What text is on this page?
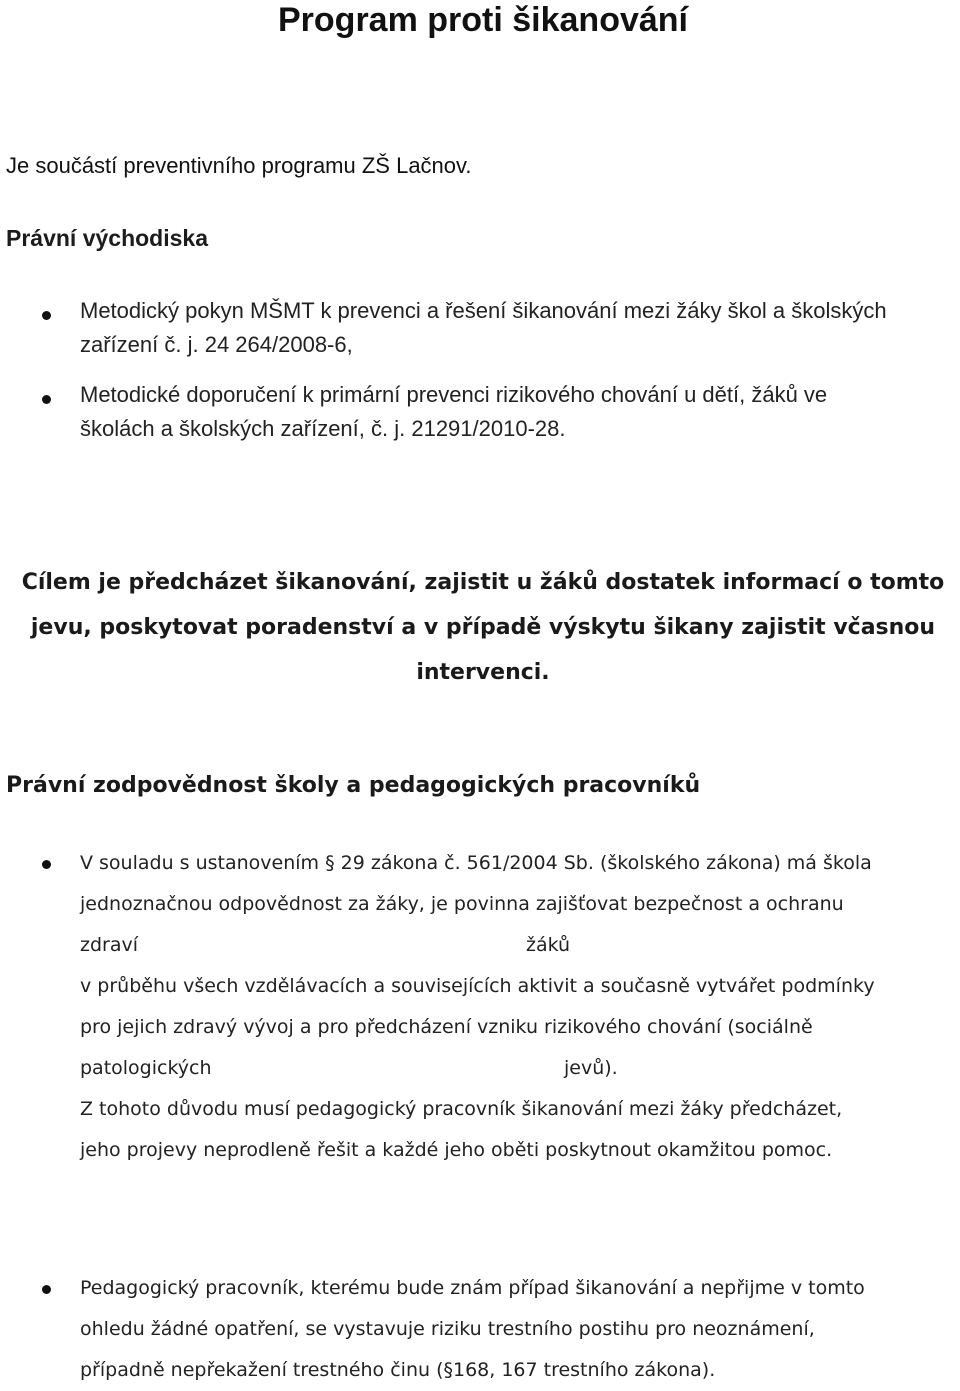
Program proti šikanování

Je součástí preventivního programu ZŠ Lačnov.

Právní východiska
Metodický pokyn MŠMT k prevenci a řešení šikanování mezi žáky škol a školských
zařízení č. j. 24 264/2008-6,
Metodické doporučení k primární prevenci rizikového chování u dětí, žáků ve
školách a školských zařízení, č. j. 21291/2010-28.
Cílem je předcházet šikanování, zajistit u žáků dostatek informací o tomto
jevu, poskytovat poradenství a v případě výskytu šikany zajistit včasnou
intervenci.
Právní zodpovědnost školy a pedagogických pracovníků

V souladu s ustanovením § 29 zákona č. 561/2004 Sb. (školského zákona) má škola

jednoznačnou odpovědnost za žáky, je povinna zajišťovat bezpečnost a ochranu

zdraví	žáků

v průběhu všech vzdělávacích a souvisejících aktivit a současně vytvářet podmínky

pro jejich zdravý vývoj a pro předcházení vzniku rizikového chování (sociálně

patologických	jevů).

Z tohoto důvodu musí pedagogický pracovník šikanování mezi žáky předcházet,

jeho projevy neprodleně řešit a každé jeho oběti poskytnout okamžitou pomoc.

Pedagogický pracovník, kterému bude znám případ šikanování a nepřijme v tomto
ohledu žádné opatření, se vystavuje riziku trestního postihu pro neoznámení,
případně nepřekažení trestného činu (§168, 167 trestního zákona).
